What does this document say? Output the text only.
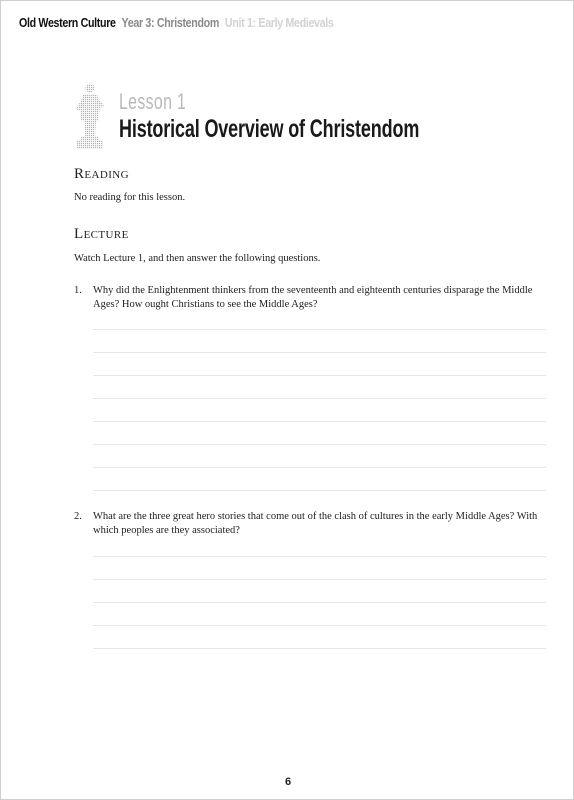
Old Western Culture Year 3: Christendom Unit 1: Early Medievals
Lesson 1
Historical Overview of Christendom
Reading
No reading for this lesson.
Lecture
Watch Lecture 1, and then answer the following questions.
1. Why did the Enlightenment thinkers from the seventeenth and eighteenth centuries disparage the Middle Ages? How ought Christians to see the Middle Ages?
2. What are the three great hero stories that come out of the clash of cultures in the early Middle Ages? With which peoples are they associated?
6
